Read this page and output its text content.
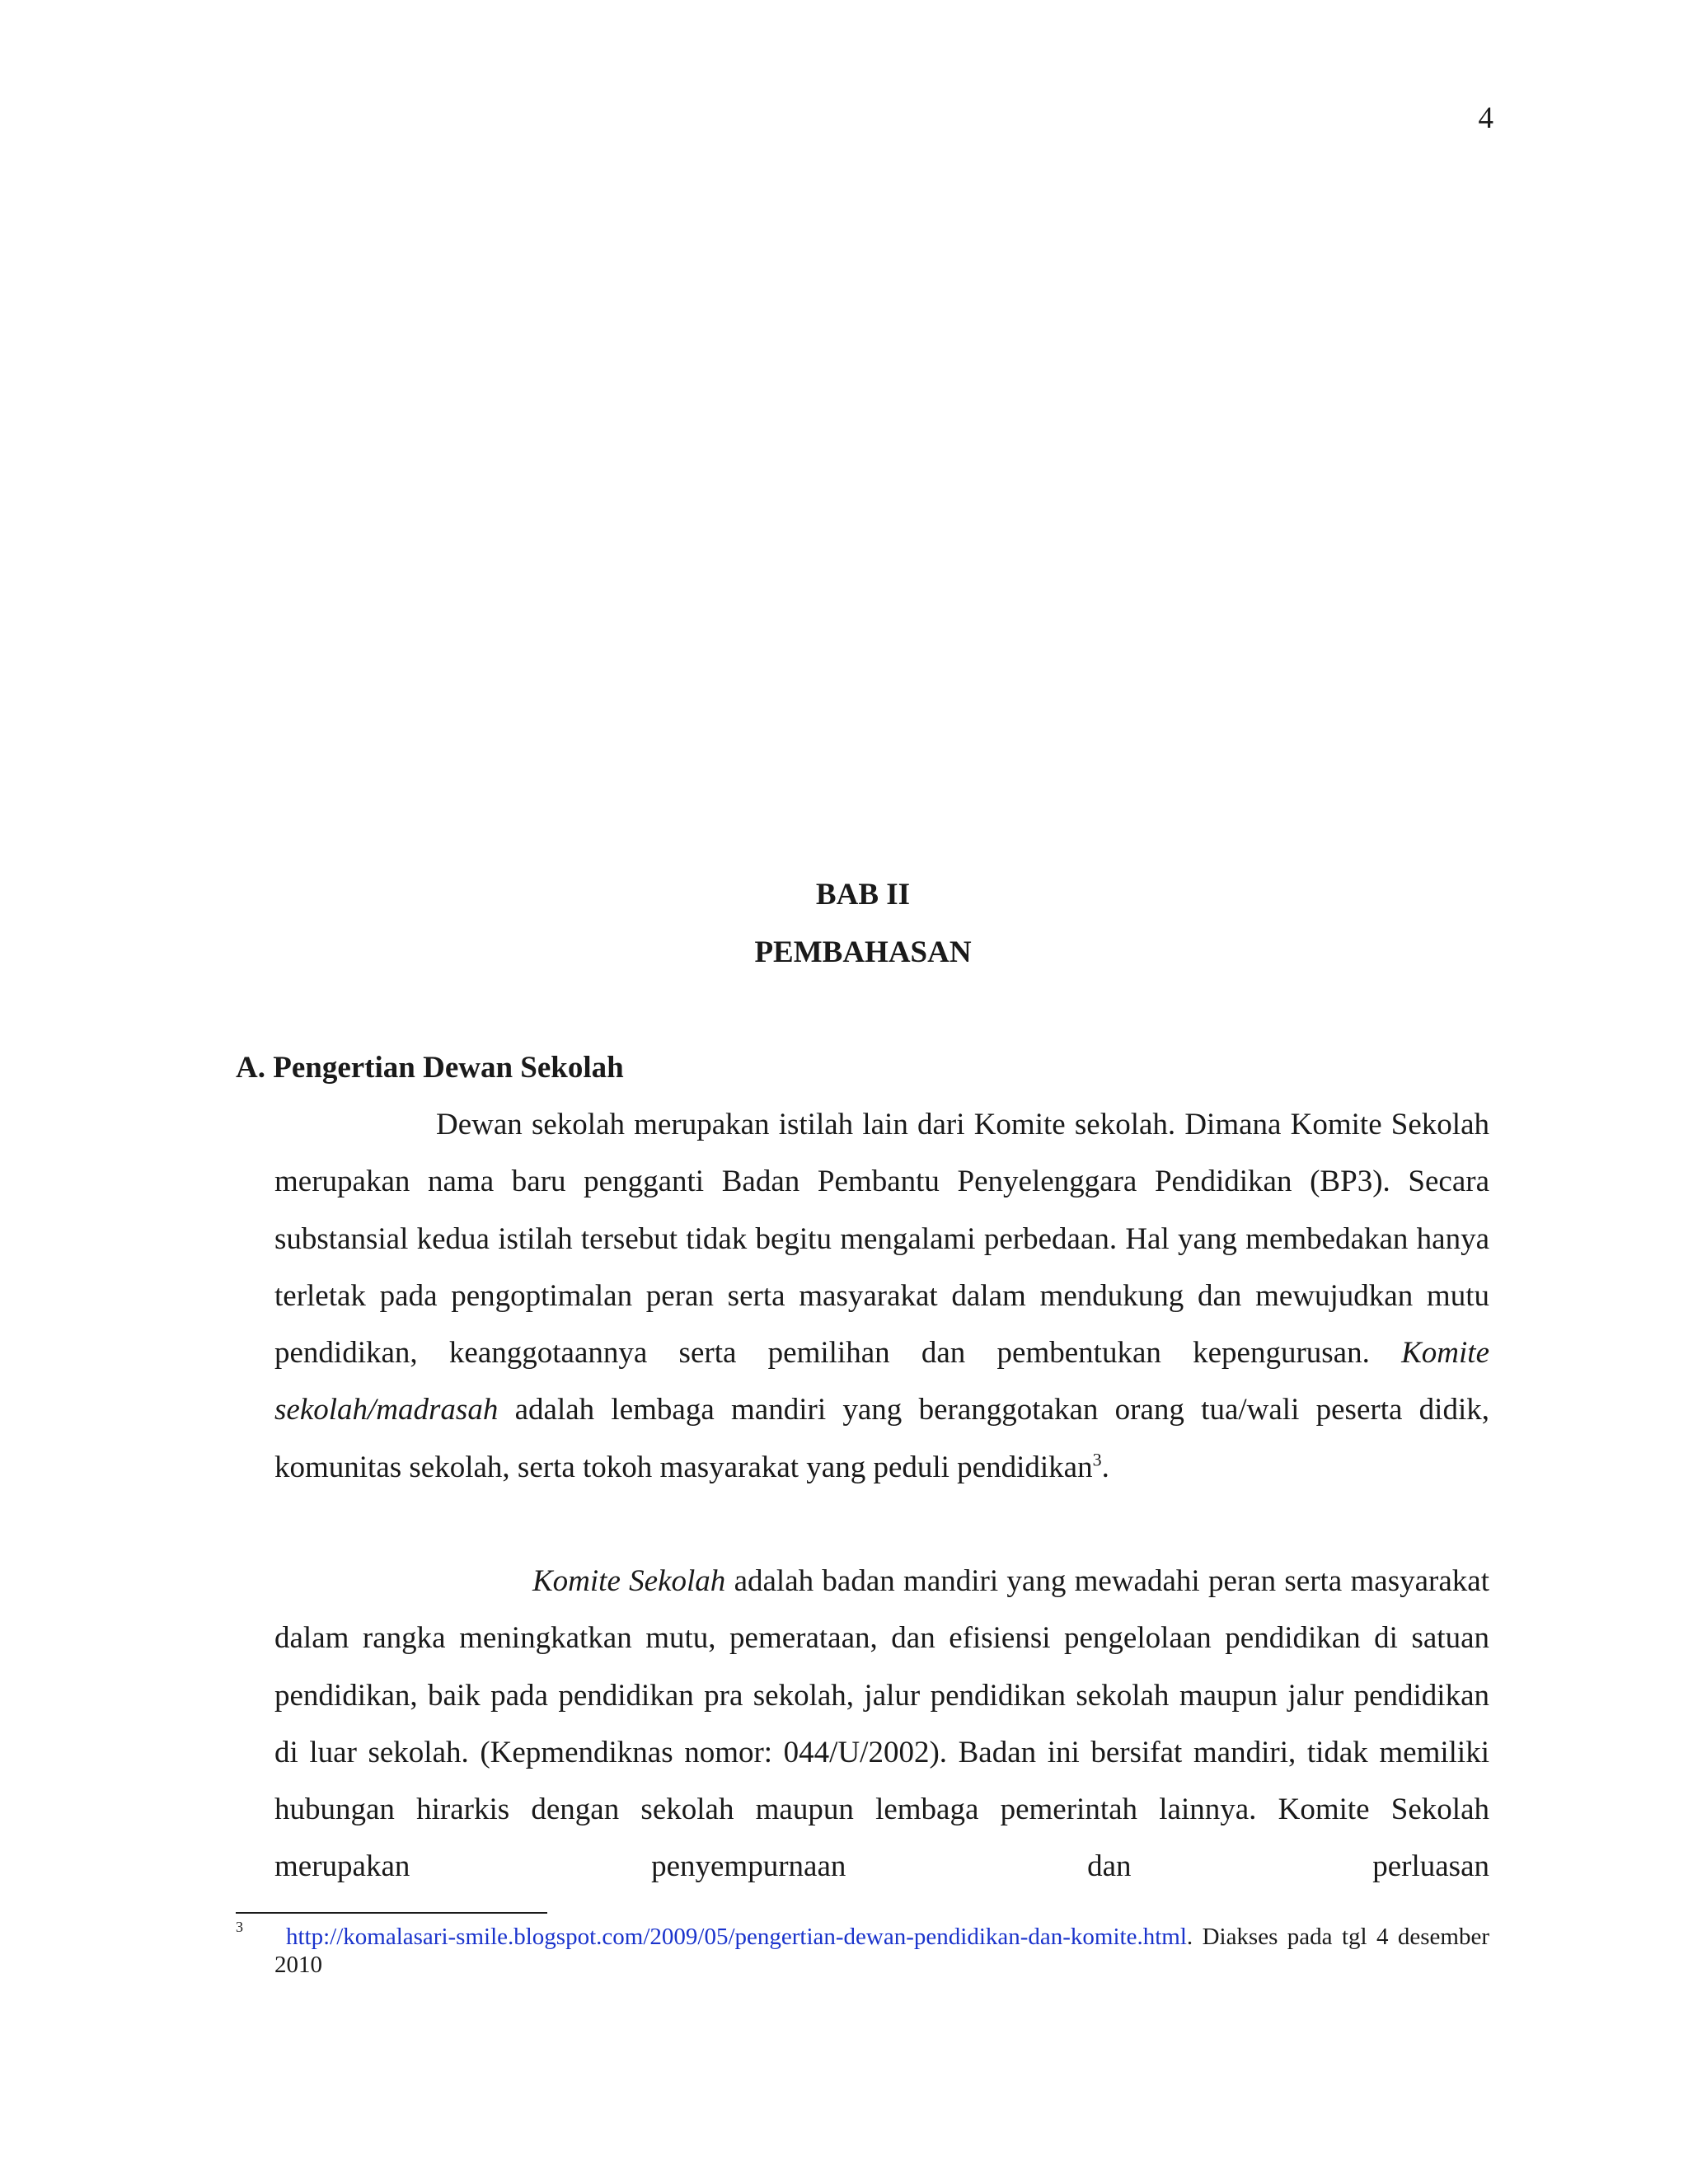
4
BAB II
PEMBAHASAN
A. Pengertian Dewan Sekolah

Dewan sekolah merupakan istilah lain dari Komite sekolah. Dimana Komite Sekolah merupakan nama baru pengganti Badan Pembantu Penyelenggara Pendidikan (BP3). Secara substansial kedua istilah tersebut tidak begitu mengalami perbedaan. Hal yang membedakan hanya terletak pada pengoptimalan peran serta masyarakat dalam mendukung dan mewujudkan mutu pendidikan, keanggotaannya serta pemilihan dan pembentukan kepengurusan. Komite sekolah/madrasah adalah lembaga mandiri yang beranggotakan orang tua/wali peserta didik, komunitas sekolah, serta tokoh masyarakat yang peduli pendidikan$^3$.

Komite Sekolah adalah badan mandiri yang mewadahi peran serta masyarakat dalam rangka meningkatkan mutu, pemerataan, dan efisiensi pengelolaan pendidikan di satuan pendidikan, baik pada pendidikan pra sekolah, jalur pendidikan sekolah maupun jalur pendidikan di luar sekolah. (Kepmendiknas nomor: 044/U/2002). Badan ini bersifat mandiri, tidak memiliki hubungan hirarkis dengan sekolah maupun lembaga pemerintah lainnya. Komite Sekolah merupakan penyempurnaan dan perluasan

3	http://komalasari-smile.blogspot.com/2009/05/pengertian-dewan-pendidikan-dan-komite.html. Diakses pada tgl 4 desember 2010
